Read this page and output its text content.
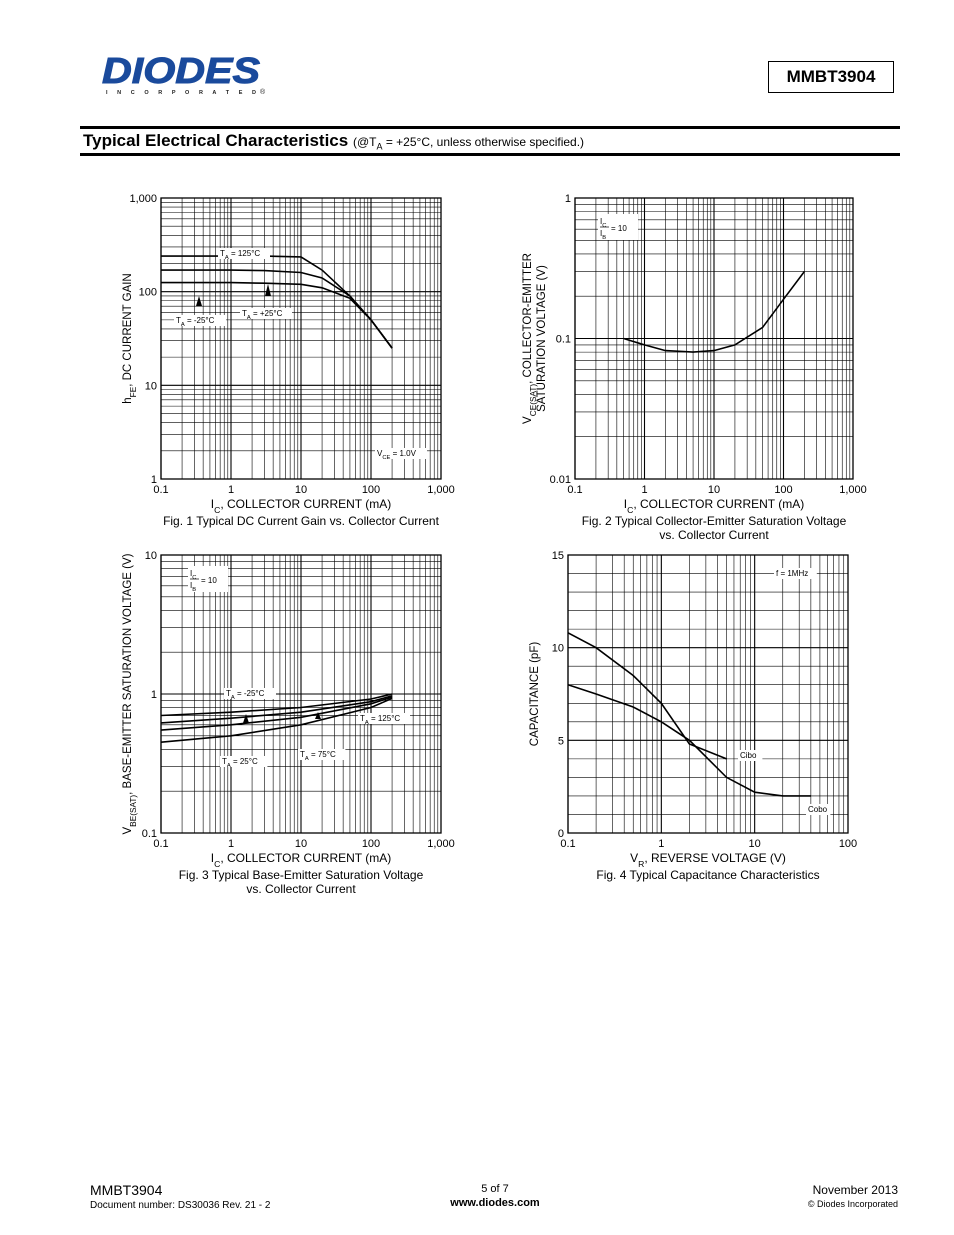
DIODES
I N C O R P O R A T E D ®
MMBT3904
Typical Electrical Characteristics ($@T_A = +25^\circ C$, unless otherwise specified.)
0.1	1	10	100	1,000
1
10
100
1,000
$I_C$, COLLECTOR CURRENT (mA)
$h_{FE}$, DC CURRENT GAIN
Fig. 1 Typical DC Current Gain vs. Collector Current
$T_A = 125^\circ C$
$T_A = -25^\circ C$
$T_A = +25^\circ C$
$V_{CE} = 1.0V$
0.1	1	10	100	1,000
0.01
0.1
1
$I_C$, COLLECTOR CURRENT (mA)
$V_{CE(SAT)}$, COLLECTOR-EMITTER SATURATION VOLTAGE (V)
Fig. 2 Typical Collector-Emitter Saturation Voltage
vs. Collector Current
$I_C$
$I_B$
= 10
0.1	1	10	100	1,000
0.1
1
10
$I_C$, COLLECTOR CURRENT (mA)
$V_{BE(SAT)}$, BASE-EMITTER SATURATION VOLTAGE (V)
Fig. 3 Typical Base-Emitter Saturation Voltage
vs. Collector Current
$I_C$
$I_B$
= 10
$T_A = -25^\circ C$
$T_A = 125^\circ C$
$T_A = 75^\circ C$
$T_A = 25^\circ C$
0.1	1	10	100
0
5
10
15
$V_R$, REVERSE VOLTAGE (V)
CAPACITANCE (pF)
Fig. 4 Typical Capacitance Characteristics
f = 1MHz
Cibo
Cobo
MMBT3904
Document number: DS30036 Rev. 21 - 2
5 of 7
www.diodes.com
November 2013
© Diodes Incorporated
